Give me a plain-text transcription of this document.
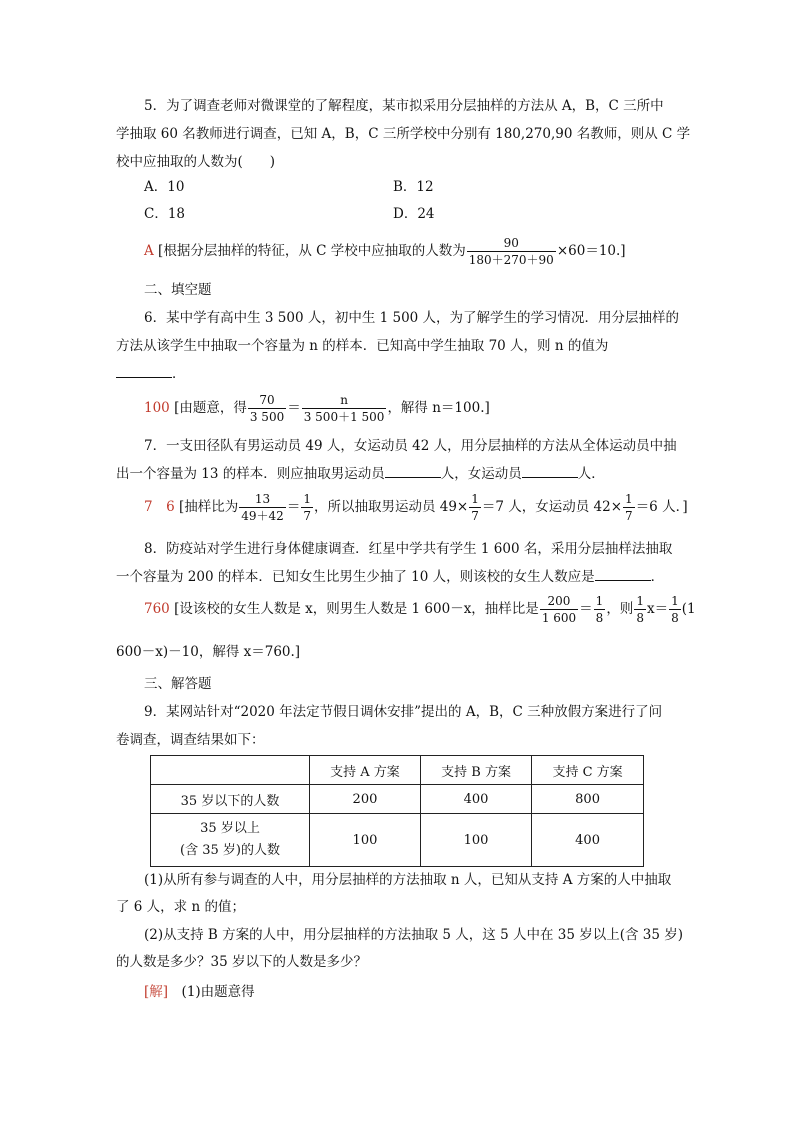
5．为了调查老师对微课堂的了解程度，某市拟采用分层抽样的方法从 A，B，C 三所中
学抽取 60 名教师进行调查，已知 A，B，C 三所学校中分别有 180,270,90 名教师，则从 C 学
校中应抽取的人数为(　　)
A．10	B．12
C．18	D．24
A [根据分层抽样的特征，从 C 学校中应抽取的人数为 $\frac{90}{180+270+90} \times 60=10$.]
二、填空题
6．某中学有高中生 3 500 人，初中生 1 500 人，为了解学生的学习情况．用分层抽样的
方法从该学生中抽取一个容量为 n 的样本．已知高中学生抽取 70 人，则 n 的值为
．
100 [由题意，得 $\frac{70}{3 500} = \frac{n}{3 500+1 500}$ ，解得 n＝100.]
7．一支田径队有男运动员 49 人，女运动员 42 人，用分层抽样的方法从全体运动员中抽
出一个容量为 13 的样本．则应抽取男运动员	人，女运动员	人．
7　6 [抽样比为 $\frac{13}{49+42} = \frac{1}{7}$ ，所以抽取男运动员 $49\times \frac{1}{7} =7$ 人，女运动员 $42\times \frac{1}{7} =6$ 人．]
8．防疫站对学生进行身体健康调查．红星中学共有学生 1 600 名，采用分层抽样法抽取
一个容量为 200 的样本．已知女生比男生少抽了 10 人，则该校的女生人数应是	．
760 [设该校的女生人数是 x，则男生人数是 1 600－x，抽样比是 $\frac{200}{1 600} = \frac{1}{8}$ ，则 $\frac{1}{8} x= \frac{1}{8} (1$
600－x)－10，解得 x＝760.]
三、解答题
9．某网站针对“2020 年法定节假日调休安排”提出的 A，B，C 三种放假方案进行了问
卷调查，调查结果如下：
	支持 A 方案	支持 B 方案	支持 C 方案
35 岁以下的人数	200	400	800

35 岁以上
(含 35 岁)的人数	100	100	400
(1)从所有参与调查的人中，用分层抽样的方法抽取 n 人，已知从支持 A 方案的人中抽取
了 6 人，求 n 的值；
(2)从支持 B 方案的人中，用分层抽样的方法抽取 5 人，这 5 人中在 35 岁以上(含 35 岁)
的人数是多少？35 岁以下的人数是多少？
[解]　 (1)由题意得
